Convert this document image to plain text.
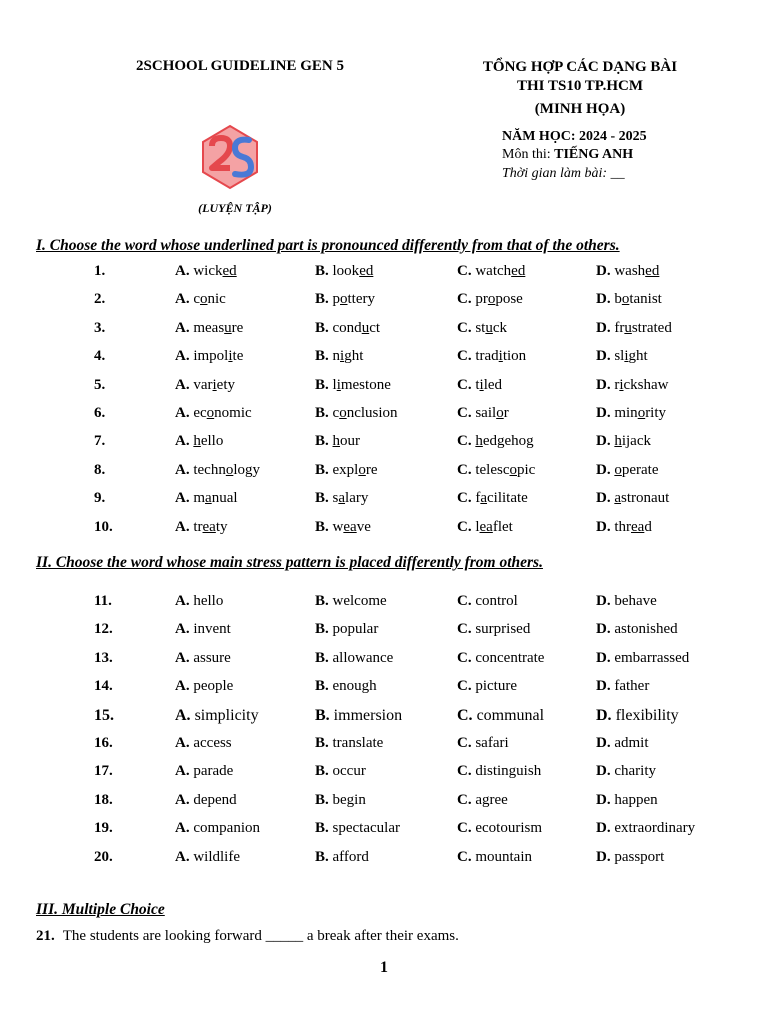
2SCHOOL GUIDELINE GEN 5
(LUYỆN TẬP)
TỔNG HỢP CÁC DẠNG BÀI
THI TS10 TP.HCM
(MINH HỌA)
NĂM HỌC: 2024 - 2025
Môn thi: TIẾNG ANH
Thời gian làm bài: __
I. Choose the word whose underlined part is pronounced differently from that of the others.
1.	A. wicked	B. looked	C. watched	D. washed
2.	A. conic	B. pottery	C. propose	D. botanist
3.	A. measure	B. conduct	C. stuck	D. frustrated
4.	A. impolite	B. night	C. tradition	D. slight
5.	A. variety	B. limestone	C. tiled	D. rickshaw
6.	A. economic	B. conclusion	C. sailor	D. minority
7.	A. hello	B. hour	C. hedgehog	D. hijack
8.	A. technology	B. explore	C. telescopic	D. operate
9.	A. manual	B. salary	C. facilitate	D. astronaut
10.	A. treaty	B. weave	C. leaflet	D. thread
II. Choose the word whose main stress pattern is placed differently from others.
11.	A. hello	B. welcome	C. control	D. behave
12.	A. invent	B. popular	C. surprised	D. astonished
13.	A. assure	B. allowance	C. concentrate	D. embarrassed
14.	A. people	B. enough	C. picture	D. father
15.	A. simplicity	B. immersion	C. communal	D. flexibility
16.	A. access	B. translate	C. safari	D. admit
17.	A. parade	B. occur	C. distinguish	D. charity
18.	A. depend	B. begin	C. agree	D. happen
19.	A. companion	B. spectacular	C. ecotourism	D. extraordinary
20.	A. wildlife	B. afford	C. mountain	D. passport
III. Multiple Choice
21. The students are looking forward _____ a break after their exams.
1
